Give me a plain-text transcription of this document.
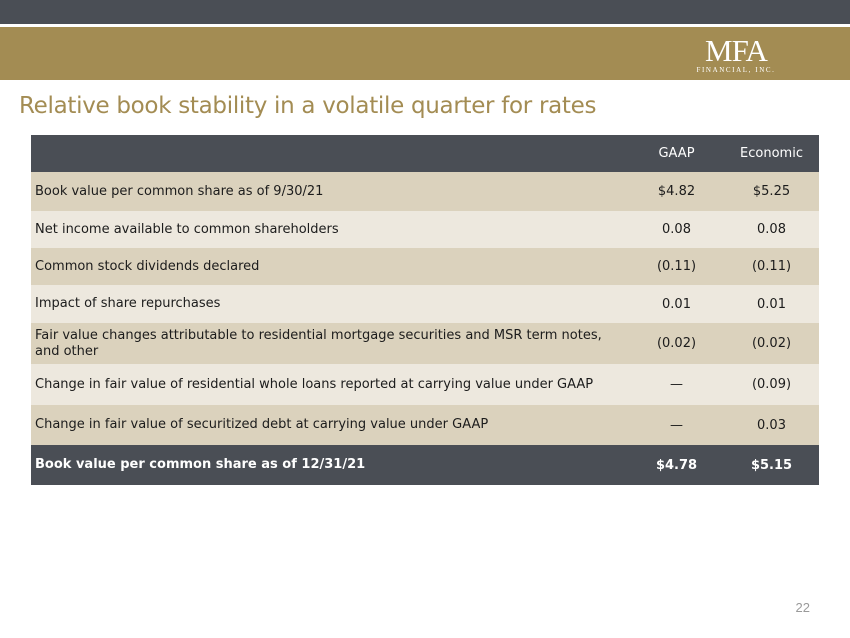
MFA
FINANCIAL, INC.
Relative book stability in a volatile quarter for rates
	GAAP	Economic
Book value per common share as of 9/30/21	$4.82	$5.25
Net income available to common shareholders	0.08	0.08
Common stock dividends declared	(0.11)	(0.11)
Impact of share repurchases	0.01	0.01
Fair value changes attributable to residential mortgage securities and MSR term notes, and other	(0.02)	(0.02)
Change in fair value of residential whole loans reported at carrying value under GAAP	—	(0.09)
Change in fair value of securitized debt at carrying value under GAAP	—	0.03
Book value per common share as of 12/31/21	$4.78	$5.15
22
